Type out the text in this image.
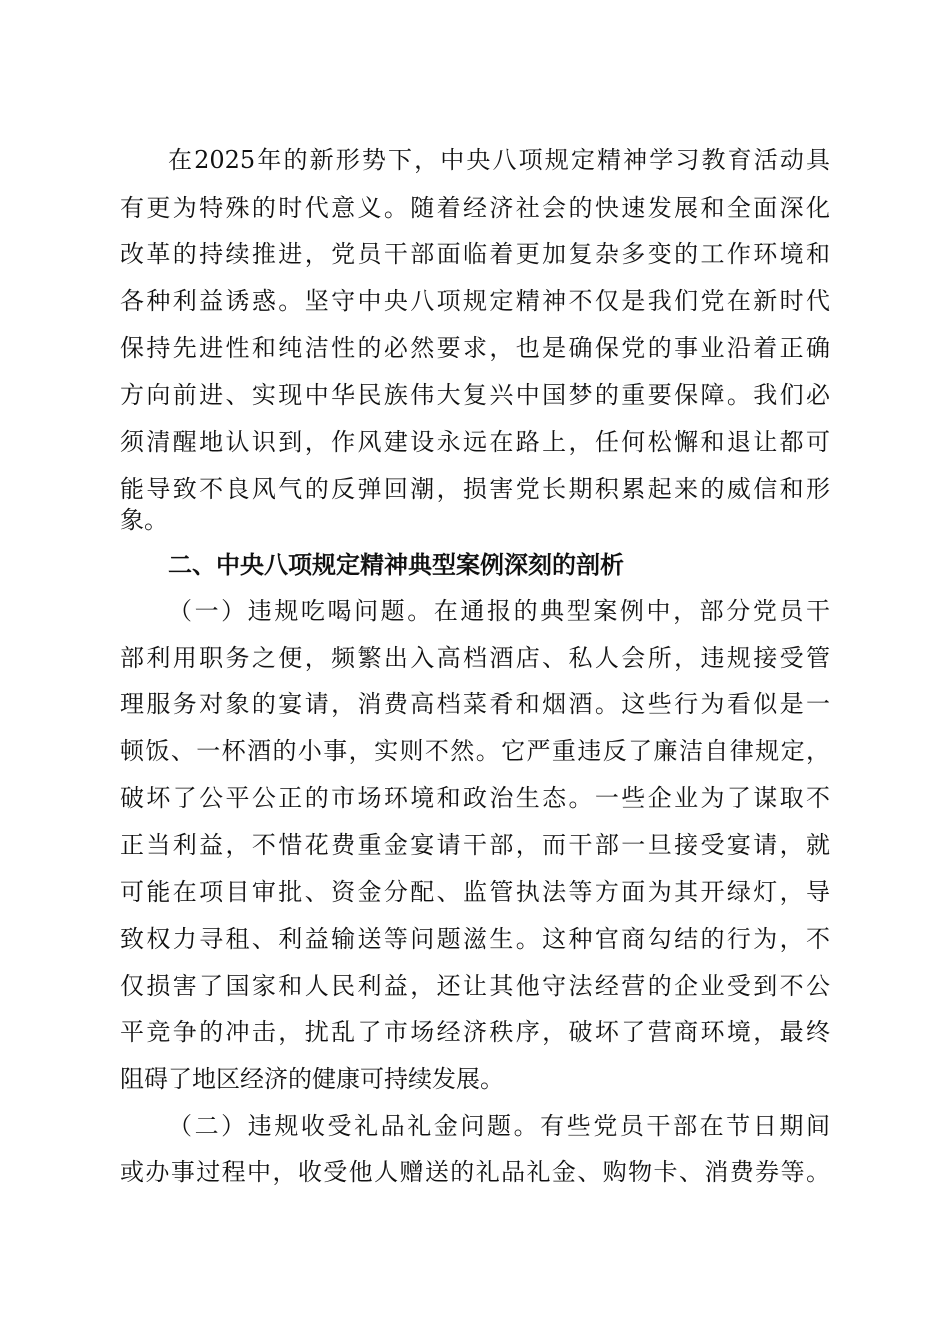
在2025年的新形势下，中央八项规定精神学习教育活动具
有更为特殊的时代意义。随着经济社会的快速发展和全面深化
改革的持续推进，党员干部面临着更加复杂多变的工作环境和
各种利益诱惑。坚守中央八项规定精神不仅是我们党在新时代
保持先进性和纯洁性的必然要求，也是确保党的事业沿着正确
方向前进、实现中华民族伟大复兴中国梦的重要保障。我们必
须清醒地认识到，作风建设永远在路上，任何松懈和退让都可
能导致不良风气的反弹回潮，损害党长期积累起来的威信和形
象。
二、中央八项规定精神典型案例深刻的剖析
（一）违规吃喝问题。在通报的典型案例中，部分党员干
部利用职务之便，频繁出入高档酒店、私人会所，违规接受管
理服务对象的宴请，消费高档菜肴和烟酒。这些行为看似是一
顿饭、一杯酒的小事，实则不然。它严重违反了廉洁自律规定，
破坏了公平公正的市场环境和政治生态。一些企业为了谋取不
正当利益，不惜花费重金宴请干部，而干部一旦接受宴请，就
可能在项目审批、资金分配、监管执法等方面为其开绿灯，导
致权力寻租、利益输送等问题滋生。这种官商勾结的行为，不
仅损害了国家和人民利益，还让其他守法经营的企业受到不公
平竞争的冲击，扰乱了市场经济秩序，破坏了营商环境，最终
阻碍了地区经济的健康可持续发展。
（二）违规收受礼品礼金问题。有些党员干部在节日期间
或办事过程中，收受他人赠送的礼品礼金、购物卡、消费券等。
